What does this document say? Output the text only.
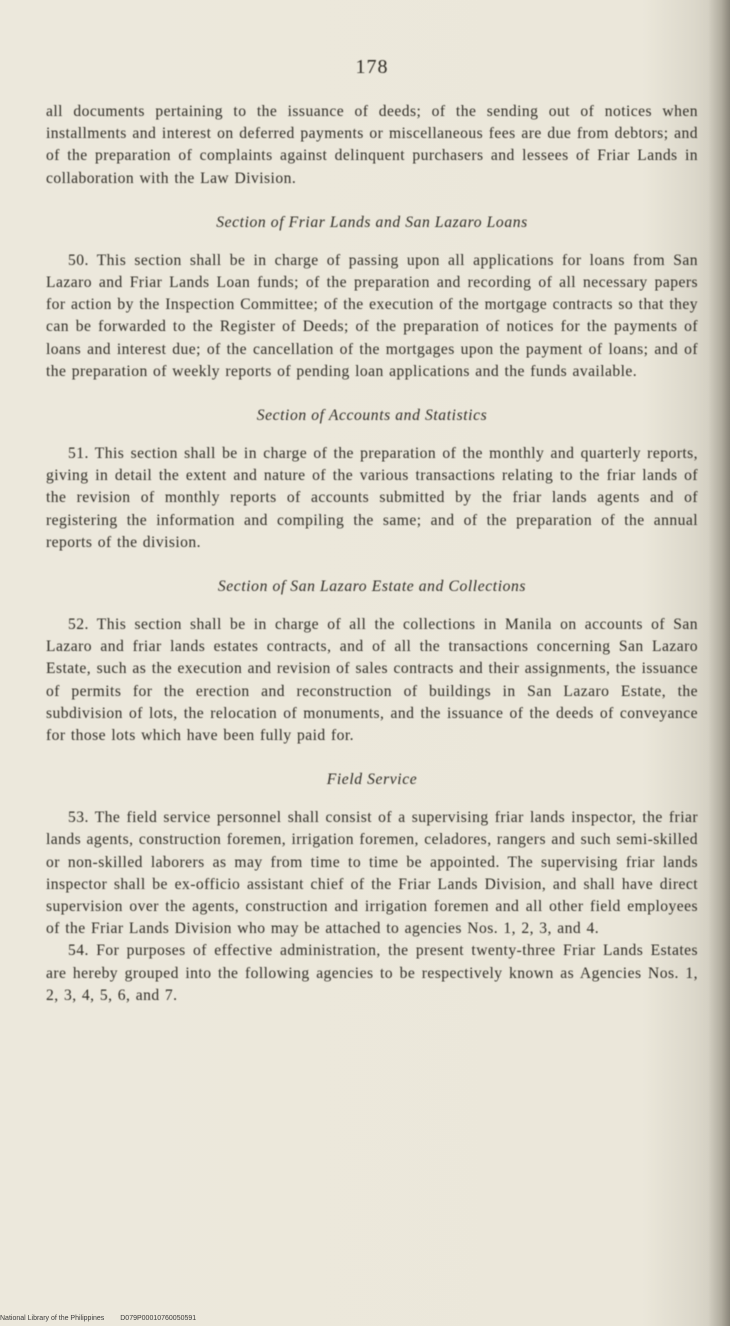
178

all documents pertaining to the issuance of deeds; of the sending out of notices when installments and interest on deferred payments or miscellaneous fees are due from debtors; and of the preparation of complaints against delinquent purchasers and lessees of Friar Lands in collaboration with the Law Division.

Section of Friar Lands and San Lazaro Loans

50. This section shall be in charge of passing upon all applications for loans from San Lazaro and Friar Lands Loan funds; of the preparation and recording of all necessary papers for action by the Inspection Committee; of the execution of the mortgage contracts so that they can be forwarded to the Register of Deeds; of the preparation of notices for the payments of loans and interest due; of the cancellation of the mortgages upon the payment of loans; and of the preparation of weekly reports of pending loan applications and the funds available.

Section of Accounts and Statistics

51. This section shall be in charge of the preparation of the monthly and quarterly reports, giving in detail the extent and nature of the various transactions relating to the friar lands of the revision of monthly reports of accounts submitted by the friar lands agents and of registering the information and compiling the same; and of the preparation of the annual reports of the division.

Section of San Lazaro Estate and Collections

52. This section shall be in charge of all the collections in Manila on accounts of San Lazaro and friar lands estates contracts, and of all the transactions concerning San Lazaro Estate, such as the execution and revision of sales contracts and their assignments, the issuance of permits for the erection and reconstruction of buildings in San Lazaro Estate, the subdivision of lots, the relocation of monuments, and the issuance of the deeds of conveyance for those lots which have been fully paid for.

Field Service

53. The field service personnel shall consist of a supervising friar lands inspector, the friar lands agents, construction foremen, irrigation foremen, celadores, rangers and such semi-skilled or non-skilled laborers as may from time to time be appointed. The supervising friar lands inspector shall be ex-officio assistant chief of the Friar Lands Division, and shall have direct supervision over the agents, construction and irrigation foremen and all other field employees of the Friar Lands Division who may be attached to agencies Nos. 1, 2, 3, and 4.

54. For purposes of effective administration, the present twenty-three Friar Lands Estates are hereby grouped into the following agencies to be respectively known as Agencies Nos. 1, 2, 3, 4, 5, 6, and 7.

National Library of the Philippines D079P00010760050591
